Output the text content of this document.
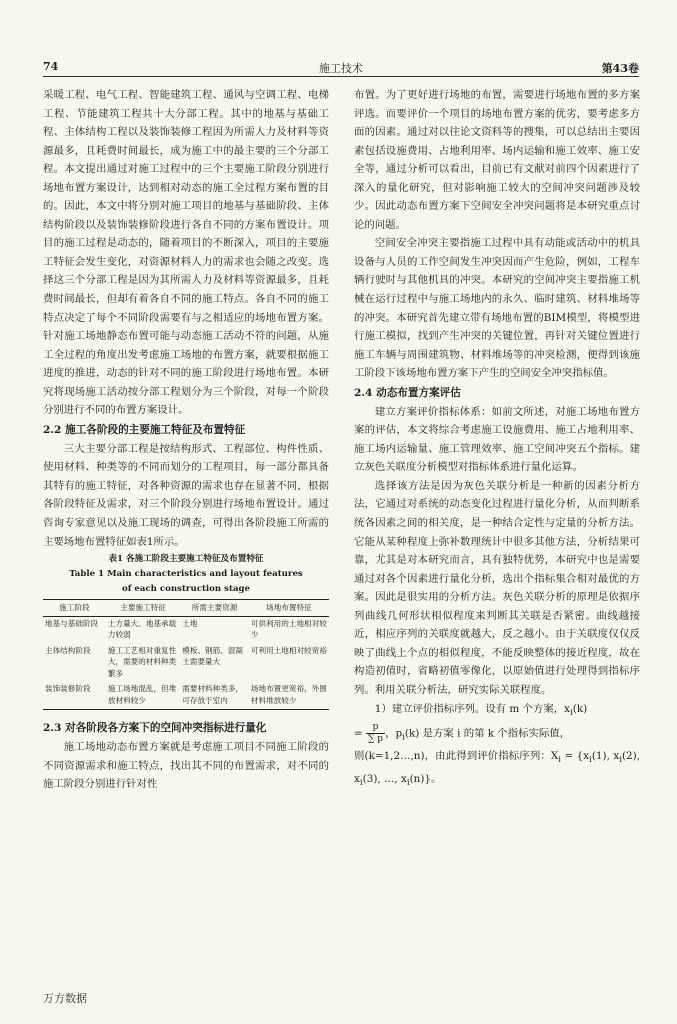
74	施工技术	第43卷

采暖工程、电气工程、智能建筑工程、通风与空调工程、电梯工程、节能建筑工程共十大分部工程。其中的地基与基础工程、主体结构工程以及装饰装修工程因为所需人力及材料等资源最多，且耗费时间最长，成为施工中的最主要的三个分部工程。本文提出通过对施工过程中的三个主要施工阶段分别进行场地布置方案设计，达到相对动态的施工全过程方案布置的目的。因此，本文中将分别对施工项目的地基与基础阶段、主体结构阶段以及装饰装修阶段进行各自不同的方案布置设计。项目的施工过程是动态的，随着项目的不断深入，项目的主要施工特征会发生变化，对资源材料人力的需求也会随之改变。选择这三个分部工程是因为其所需人力及材料等资源最多，且耗费时间最长，但却有着各自不同的施工特点。各自不同的施工特点决定了每个不同阶段需要有与之相适应的场地布置方案。针对施工场地静态布置可能与动态施工活动不符的问题，从施工全过程的角度出发考虑施工场地的布置方案，就要根据施工进度的推进，动态的针对不同的施工阶段进行场地布置。本研究将现场施工活动按分部工程划分为三个阶段，对每一个阶段分别进行不同的布置方案设计。

2.2 施工各阶段的主要施工特征及布置特征

三大主要分部工程是按结构形式、工程部位、构件性质、使用材料、种类等的不同而划分的工程项目，每一部分都具备其特有的施工特征，对各种资源的需求也存在显著不同，根据各阶段特征及需求，对三个阶段分别进行场地布置设计。通过咨询专家意见以及施工现场的调查，可得出各阶段施工所需的主要场地布置特征如表1所示。

表1 各施工阶段主要施工特征及布置特征
Table 1 Main characteristics and layout features
of each construction stage
施工阶段	主要施工特征	所需主要资源	场地布置特征
地基与基础阶段	土方量大、地基承载力较弱	土地	可供利用的土地相对较少
主体结构阶段	施工工艺相对重复性大，需要的材料种类繁多	模板、钢筋、混凝土需要量大	可利用土地相对较宽裕
装饰装修阶段	施工场地混乱，但堆放材料较少	需要材料种类多，可存放于室内	场地布置更宽裕，外围材料堆放较少
2.3 对各阶段各方案下的空间冲突指标进行量化

施工场地动态布置方案就是考虑施工项目不同施工阶段的不同资源需求和施工特点，找出其不同的布置需求，对不同的施工阶段分别进行针对性

布置。为了更好进行场地的布置，需要进行场地布置的多方案评选。而要评价一个项目的场地布置方案的优劣，要考虑多方面的因素。通过对以往论文资料等的搜集，可以总结出主要因素包括设施费用、占地利用率、场内运输和施工效率、施工安全等，通过分析可以看出，目前已有文献对前四个因素进行了深入的量化研究，但对影响施工较大的空间冲突问题涉及较少。因此动态布置方案下空间安全冲突问题将是本研究重点讨论的问题。

空间安全冲突主要指施工过程中具有动能或活动中的机具设备与人员的工作空间发生冲突因而产生危险，例如，工程车辆行驶时与其他机具的冲突。本研究的空间冲突主要指施工机械在运行过程中与施工场地内的永久、临时建筑、材料堆场等的冲突。本研究首先建立带有场地布置的BIM模型，将模型进行施工模拟，找到产生冲突的关键位置，再针对关键位置进行施工车辆与周围建筑物、材料堆场等的冲突检测，便得到该施工阶段下该场地布置方案下产生的空间安全冲突指标值。

2.4 动态布置方案评估

建立方案评价指标体系：如前文所述，对施工场地布置方案的评估，本文将综合考虑施工设施费用、施工占地利用率、施工场内运输量、施工管理效率、施工空间冲突五个指标。建立灰色关联度分析模型对指标体系进行量化运算。

选择该方法是因为灰色关联分析是一种新的因素分析方法，它通过对系统的动态变化过程进行量化分析，从而判断系统各因素之间的相关度，是一种结合定性与定量的分析方法。它能从某种程度上弥补数理统计中很多其他方法，分析结果可靠，尤其是对本研究而言，具有独特优势，本研究中也是需要通过对各个因素进行量化分析，选出个指标集合相对最优的方案。因此是很实用的分析方法。灰色关联分析的原理是依据序列曲线几何形状相似程度来判断其关联是否紧密。曲线越接近，相应序列的关联度就越大，反之越小。由于关联度仅仅反映了曲线上个点的相似程度，不能反映整体的接近程度，故在构造初值时，省略初值零像化，以原始值进行处理得到指标序列。利用关联分析法，研究实际关联程度。

1）建立评价指标序列。设有 m 个方案，$x_i(k)$

= $\frac{p}{\sum p}$ ，$p_i(k)$ 是方案 i 的第 k 个指标实际值，

则(k=1,2…,n)，由此得到评价指标序列：$X_i = \{x_i(1)$, $x_i(2)$, $x_i(3)$, …, $x_i(n)$}。

万方数据
